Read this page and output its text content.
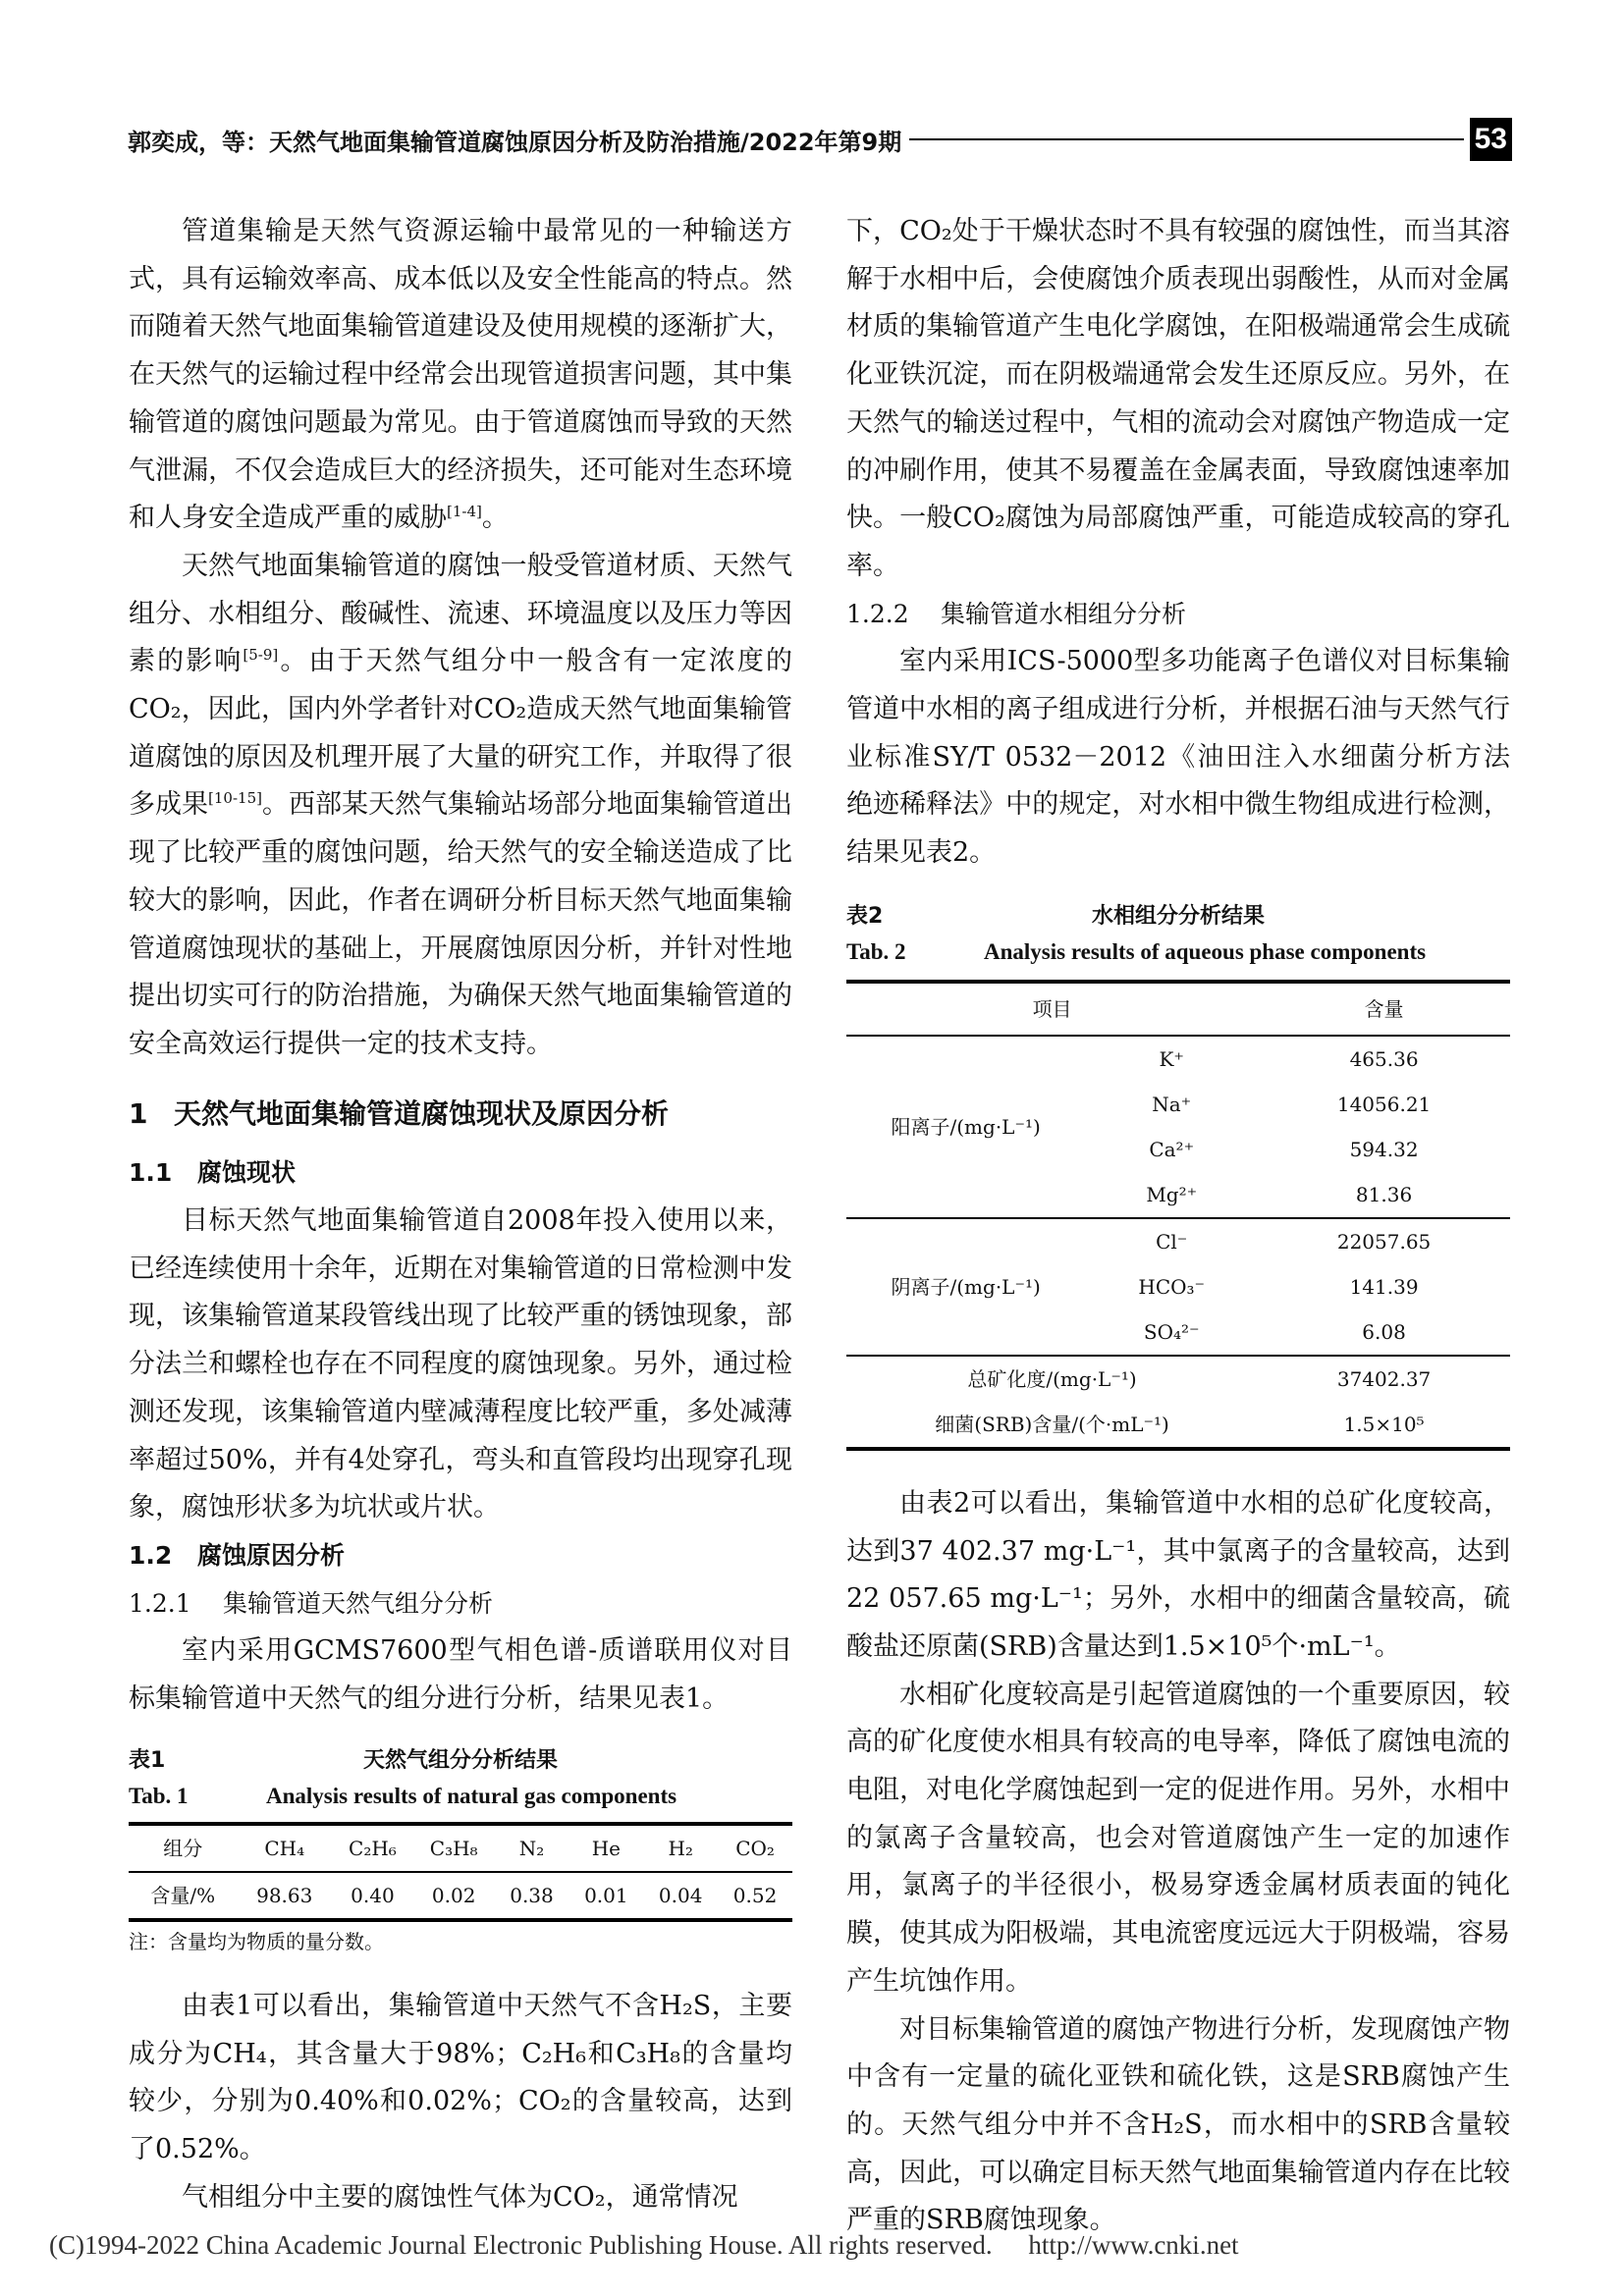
郭奕成，等：天然气地面集输管道腐蚀原因分析及防治措施/2022年第9期	53

管道集输是天然气资源运输中最常见的一种输送方式，具有运输效率高、成本低以及安全性能高的特点。然而随着天然气地面集输管道建设及使用规模的逐渐扩大，在天然气的运输过程中经常会出现管道损害问题，其中集输管道的腐蚀问题最为常见。由于管道腐蚀而导致的天然气泄漏，不仅会造成巨大的经济损失，还可能对生态环境和人身安全造成严重的威胁[1-4]。

天然气地面集输管道的腐蚀一般受管道材质、天然气组分、水相组分、酸碱性、流速、环境温度以及压力等因素的影响[5-9]。由于天然气组分中一般含有一定浓度的CO₂，因此，国内外学者针对CO₂造成天然气地面集输管道腐蚀的原因及机理开展了大量的研究工作，并取得了很多成果[10-15]。西部某天然气集输站场部分地面集输管道出现了比较严重的腐蚀问题，给天然气的安全输送造成了比较大的影响，因此，作者在调研分析目标天然气地面集输管道腐蚀现状的基础上，开展腐蚀原因分析，并针对性地提出切实可行的防治措施，为确保天然气地面集输管道的安全高效运行提供一定的技术支持。

1 天然气地面集输管道腐蚀现状及原因分析
1.1 腐蚀现状

目标天然气地面集输管道自2008年投入使用以来，已经连续使用十余年，近期在对集输管道的日常检测中发现，该集输管道某段管线出现了比较严重的锈蚀现象，部分法兰和螺栓也存在不同程度的腐蚀现象。另外，通过检测还发现，该集输管道内壁减薄程度比较严重，多处减薄率超过50%，并有4处穿孔，弯头和直管段均出现穿孔现象，腐蚀形状多为坑状或片状。

1.2 腐蚀原因分析
1.2.1 集输管道天然气组分分析

室内采用GCMS7600型气相色谱-质谱联用仪对目标集输管道中天然气的组分进行分析，结果见表1。

表1	天然气组分分析结果
Tab. 1	Analysis results of natural gas components
组分	CH₄	C₂H₆	C₃H₈	N₂	He	H₂	CO₂
含量/%	98.63	0.40	0.02	0.38	0.01	0.04	0.52
注：含量均为物质的量分数。

由表1可以看出，集输管道中天然气不含H₂S，主要成分为CH₄，其含量大于98%；C₂H₆和C₃H₈的含量均较少，分别为0.40%和0.02%；CO₂的含量较高，达到了0.52%。

气相组分中主要的腐蚀性气体为CO₂，通常情况

下，CO₂处于干燥状态时不具有较强的腐蚀性，而当其溶解于水相中后，会使腐蚀介质表现出弱酸性，从而对金属材质的集输管道产生电化学腐蚀，在阳极端通常会生成硫化亚铁沉淀，而在阴极端通常会发生还原反应。另外，在天然气的输送过程中，气相的流动会对腐蚀产物造成一定的冲刷作用，使其不易覆盖在金属表面，导致腐蚀速率加快。一般CO₂腐蚀为局部腐蚀严重，可能造成较高的穿孔率。

1.2.2 集输管道水相组分分析

室内采用ICS-5000型多功能离子色谱仪对目标集输管道中水相的离子组成进行分析，并根据石油与天然气行业标准SY/T 0532－2012《油田注入水细菌分析方法 绝迹稀释法》中的规定，对水相中微生物组成进行检测，结果见表2。

表2	水相组分分析结果
Tab. 2	Analysis results of aqueous phase components
项目		含量
阳离子/(mg·L⁻¹)	K⁺	465.36
	Na⁺	14056.21
	Ca²⁺	594.32
	Mg²⁺	81.36
阴离子/(mg·L⁻¹)	Cl⁻	22057.65
	HCO₃⁻	141.39
	SO₄²⁻	6.08
总矿化度/(mg·L⁻¹)		37402.37
细菌(SRB)含量/(个·mL⁻¹)		1.5×10⁵

由表2可以看出，集输管道中水相的总矿化度较高，达到37 402.37 mg·L⁻¹，其中氯离子的含量较高，达到22 057.65 mg·L⁻¹；另外，水相中的细菌含量较高，硫酸盐还原菌(SRB)含量达到1.5×10⁵个·mL⁻¹。

水相矿化度较高是引起管道腐蚀的一个重要原因，较高的矿化度使水相具有较高的电导率，降低了腐蚀电流的电阻，对电化学腐蚀起到一定的促进作用。另外，水相中的氯离子含量较高，也会对管道腐蚀产生一定的加速作用，氯离子的半径很小，极易穿透金属材质表面的钝化膜，使其成为阳极端，其电流密度远远大于阴极端，容易产生坑蚀作用。

对目标集输管道的腐蚀产物进行分析，发现腐蚀产物中含有一定量的硫化亚铁和硫化铁，这是SRB腐蚀产生的。天然气组分中并不含H₂S，而水相中的SRB含量较高，因此，可以确定目标天然气地面集输管道内存在比较严重的SRB腐蚀现象。

(C)1994-2022 China Academic Journal Electronic Publishing House. All rights reserved. http://www.cnki.net
